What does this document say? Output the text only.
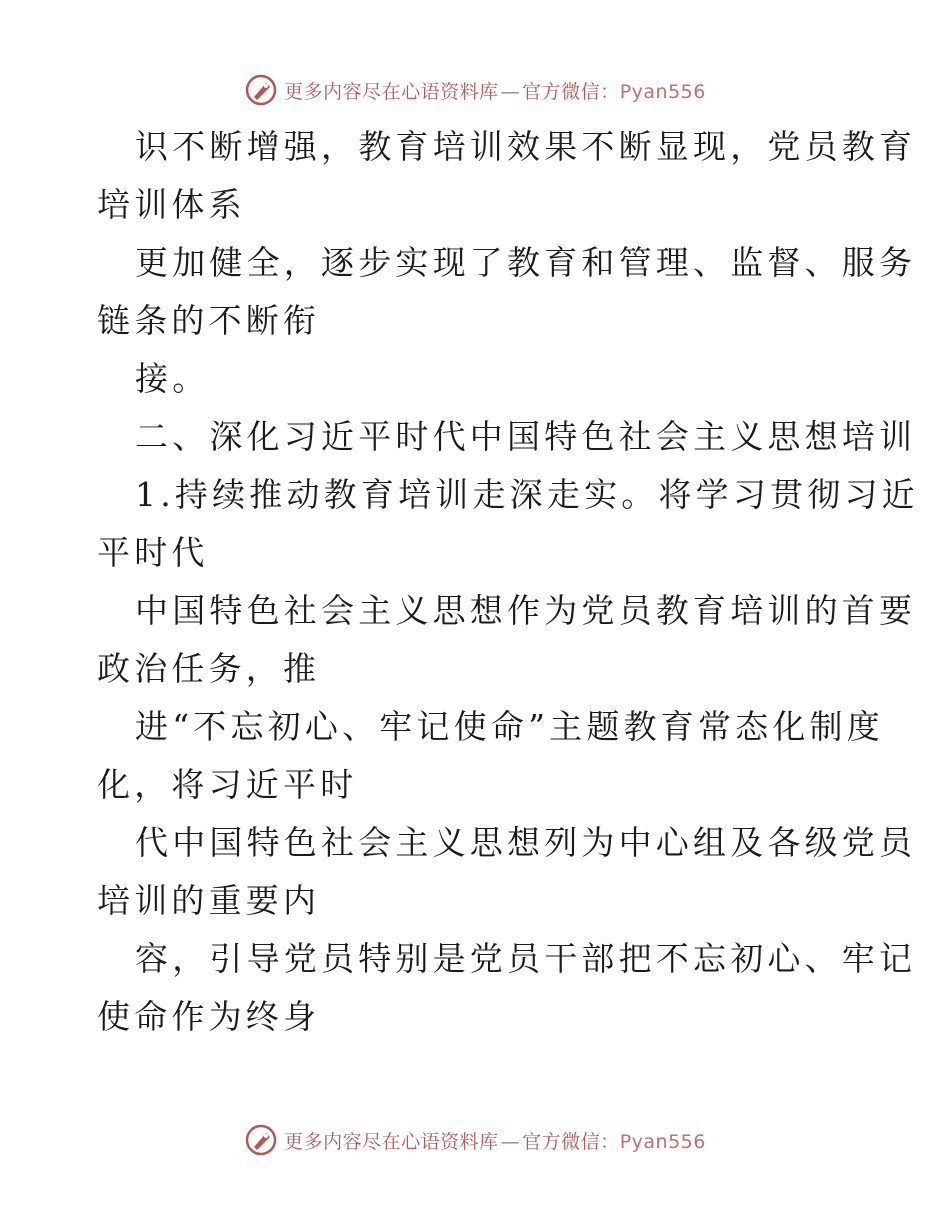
更多内容尽在心语资料库 — 官方微信：Pyan556
识不断增强，教育培训效果不断显现，党员教育
培训体系
更加健全，逐步实现了教育和管理、监督、服务
链条的不断衔
接。
二、深化习近平时代中国特色社会主义思想培训
1.持续推动教育培训走深走实。将学习贯彻习近
平时代
中国特色社会主义思想作为党员教育培训的首要
政治任务，推
进“不忘初心、牢记使命”主题教育常态化制度
化，将习近平时
代中国特色社会主义思想列为中心组及各级党员
培训的重要内
容，引导党员特别是党员干部把不忘初心、牢记
使命作为终身
更多内容尽在心语资料库 — 官方微信：Pyan556
